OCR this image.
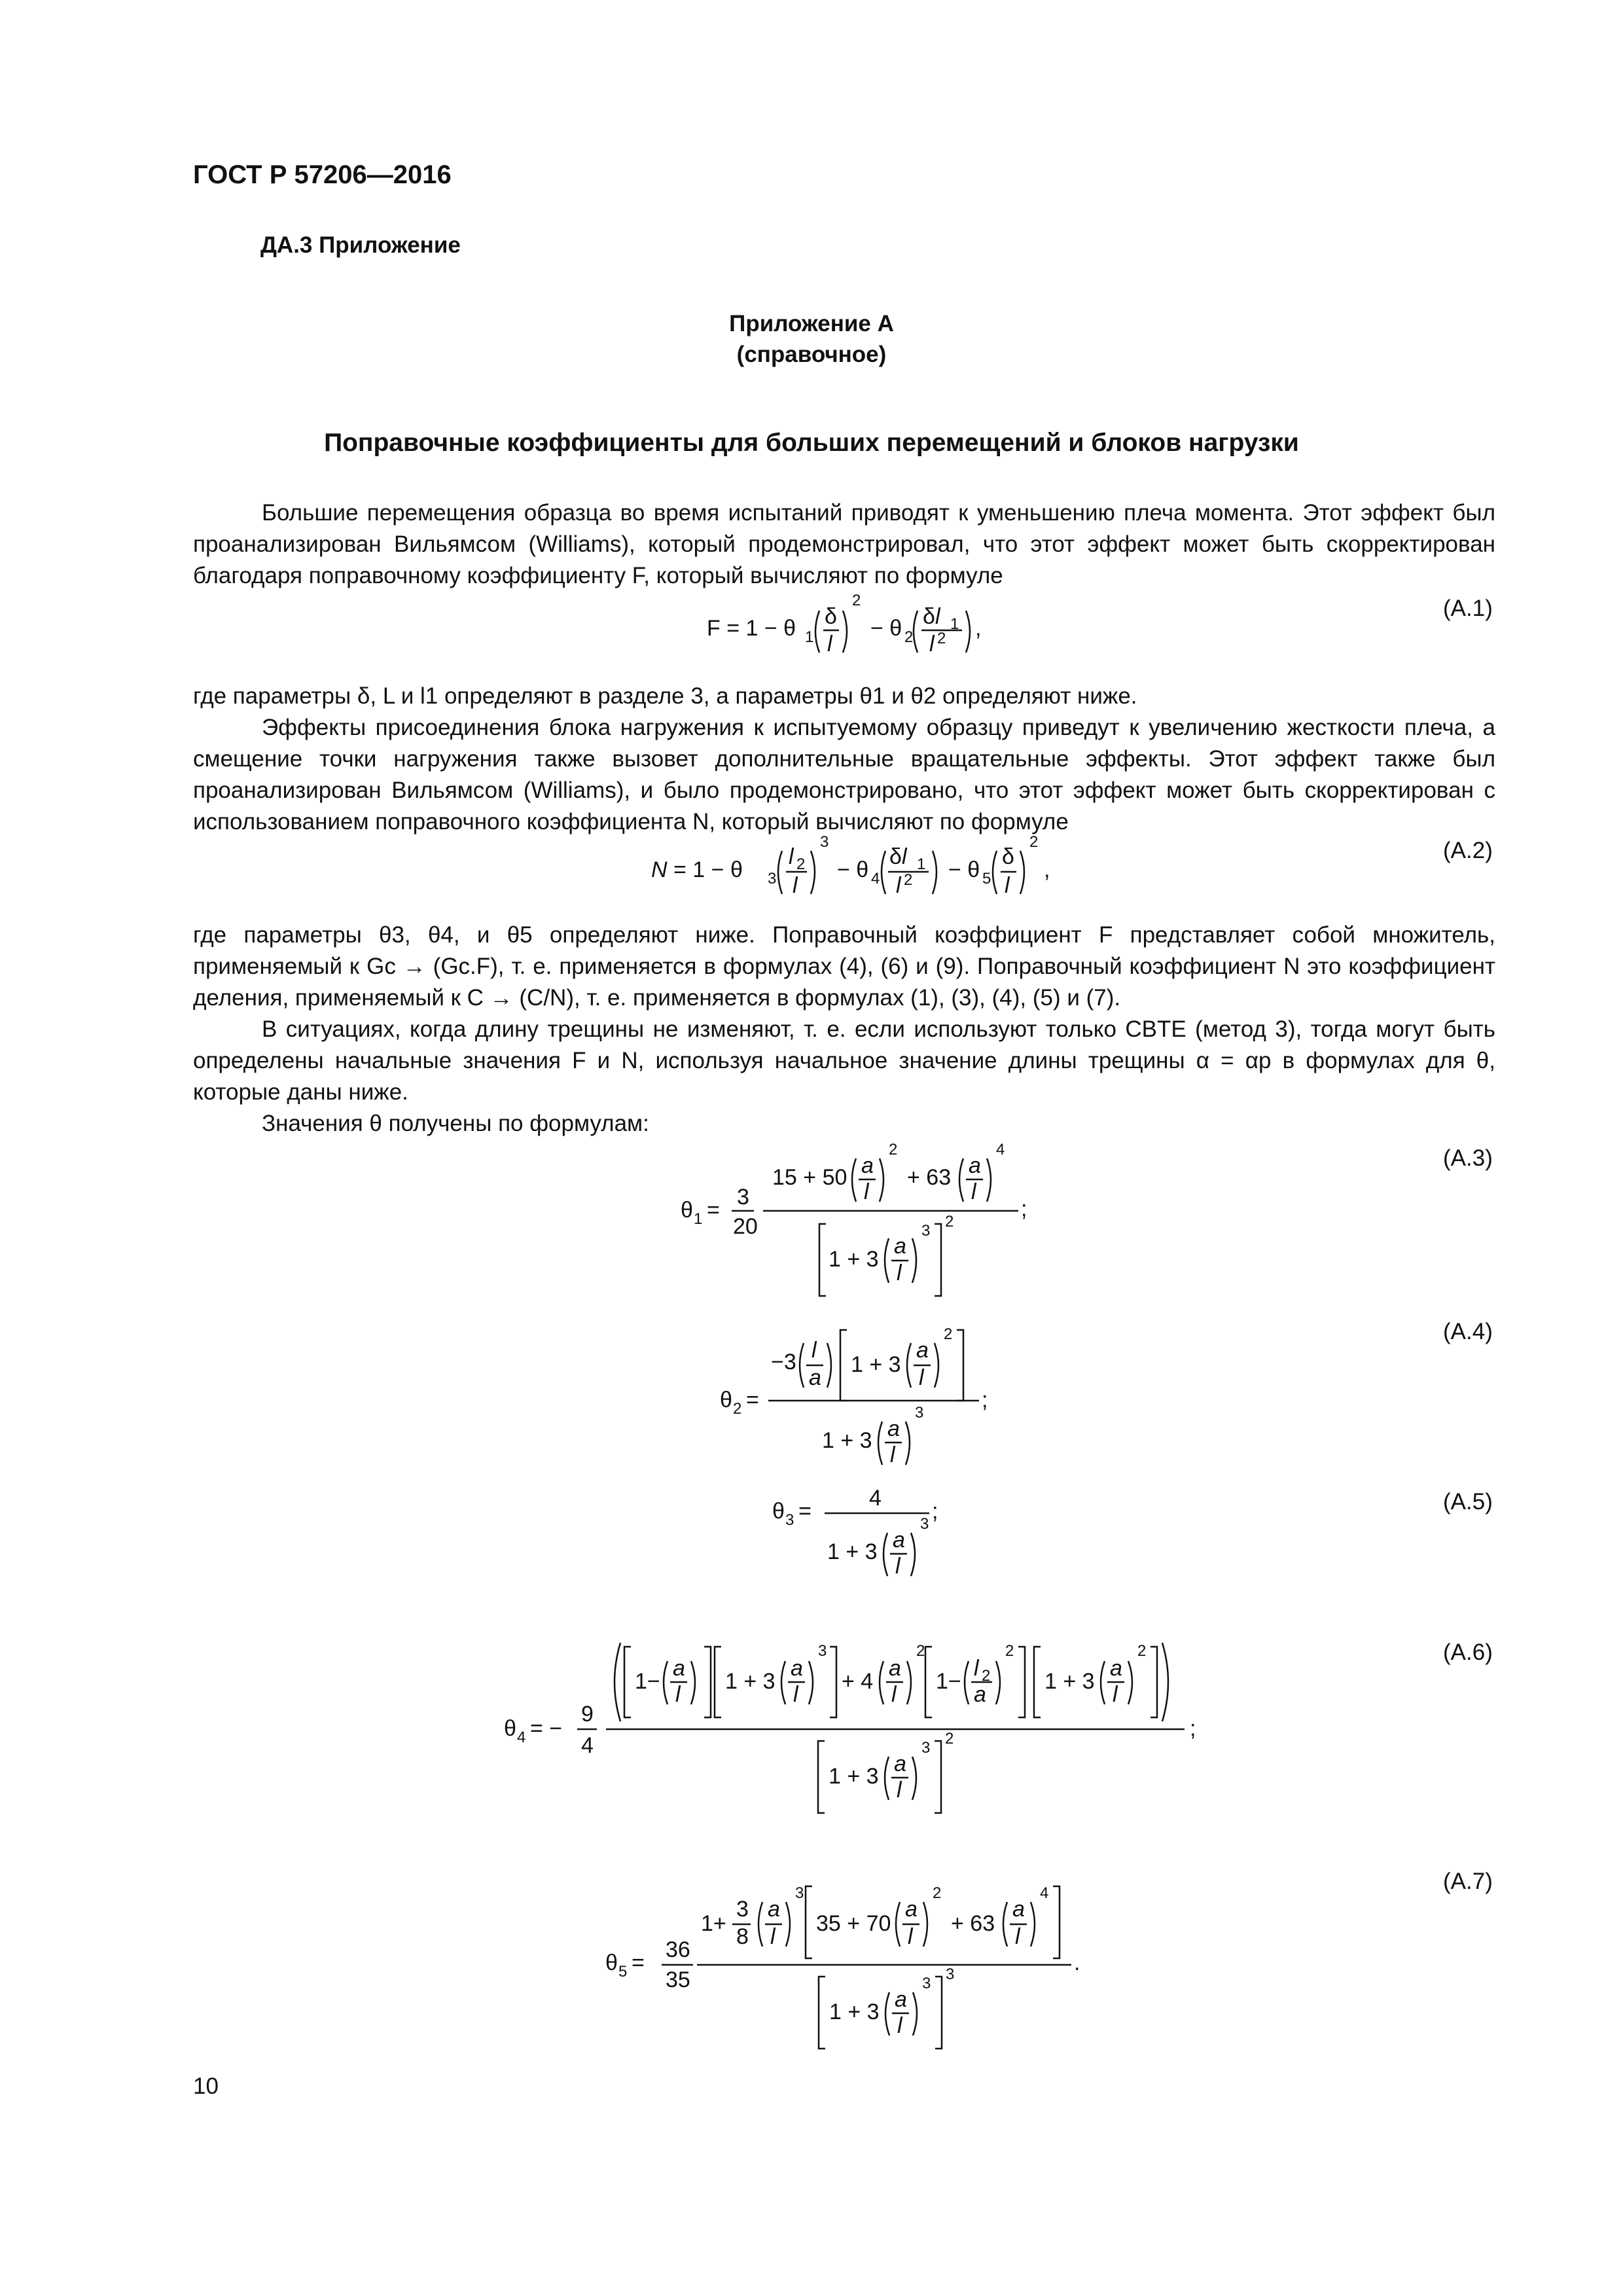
ГОСТ Р 57206—2016
ДА.3 Приложение
Приложение А
(справочное)
Поправочные коэффициенты для больших перемещений и блоков нагрузки

Большие перемещения образца во время испытаний приводят к уменьшению плеча момента. Этот эффект был проанализирован Вильямсом (Williams), который продемонстрировал, что этот эффект может быть скорректирован благодаря поправочному коэффициенту F, который вычисляют по формуле

F = 1 − θ 1
δ
l
2
− θ 2
δl 1
l 2 ,
(A.1)

где параметры δ, L и l1 определяют в разделе 3, а параметры θ1 и θ2 определяют ниже.

Эффекты присоединения блока нагружения к испытуемому образцу приведут к увеличению жесткости плеча, а смещение точки нагружения также вызовет дополнительные вращательные эффекты. Этот эффект также был проанализирован Вильямсом (Williams), и было продемонстрировано, что этот эффект может быть скорректирован с использованием поправочного коэффициента N, который вычисляют по формуле

N = 1 − θ 3
l 2
l
3
− θ 4
δl 1
l 2 − θ 5
δ
l
2
,
(A.2)

где параметры θ3, θ4, и θ5 определяют ниже. Поправочный коэффициент F представляет собой множитель, применяемый к Gc → (Gc.F), т. е. применяется в формулах (4), (6) и (9). Поправочный коэффициент N это коэффициент деления, применяемый к C → (C/N), т. е. применяется в формулах (1), (3), (4), (5) и (7).

В ситуациях, когда длину трещины не изменяют, т. е. если используют только CBTE (метод 3), тогда могут быть определены начальные значения F и N, используя начальное значение длины трещины α = αp в формулах для θ, которые даны ниже.

Значения θ получены по формулам:

θ 1 =
3
20
15 + 50 a
l
2
+ 63 a
l
4
;
1 + 3
a
l
3
2
(A.3)
θ 2 =
−3 l
a
1 + 3
a
l
2
;
1 + 3 a
l
3
(A.4)
θ 3 =
4
;
1 + 3 a
l
3
(A.5)
θ 4 = −
9
4
1−
a
l
1 + 3
a
l
3
+ 4
a
l
2
1−
l 2
a
2
1 + 3
a
l
2
;
1 + 3 a
l
3
2
(A.6)
θ 5 =
36
35
1+
3
8
a
l
3
35 + 70
a
l
2
+ 63
a
l
4
.
1 + 3 a
l
3
3
(A.7)
10
